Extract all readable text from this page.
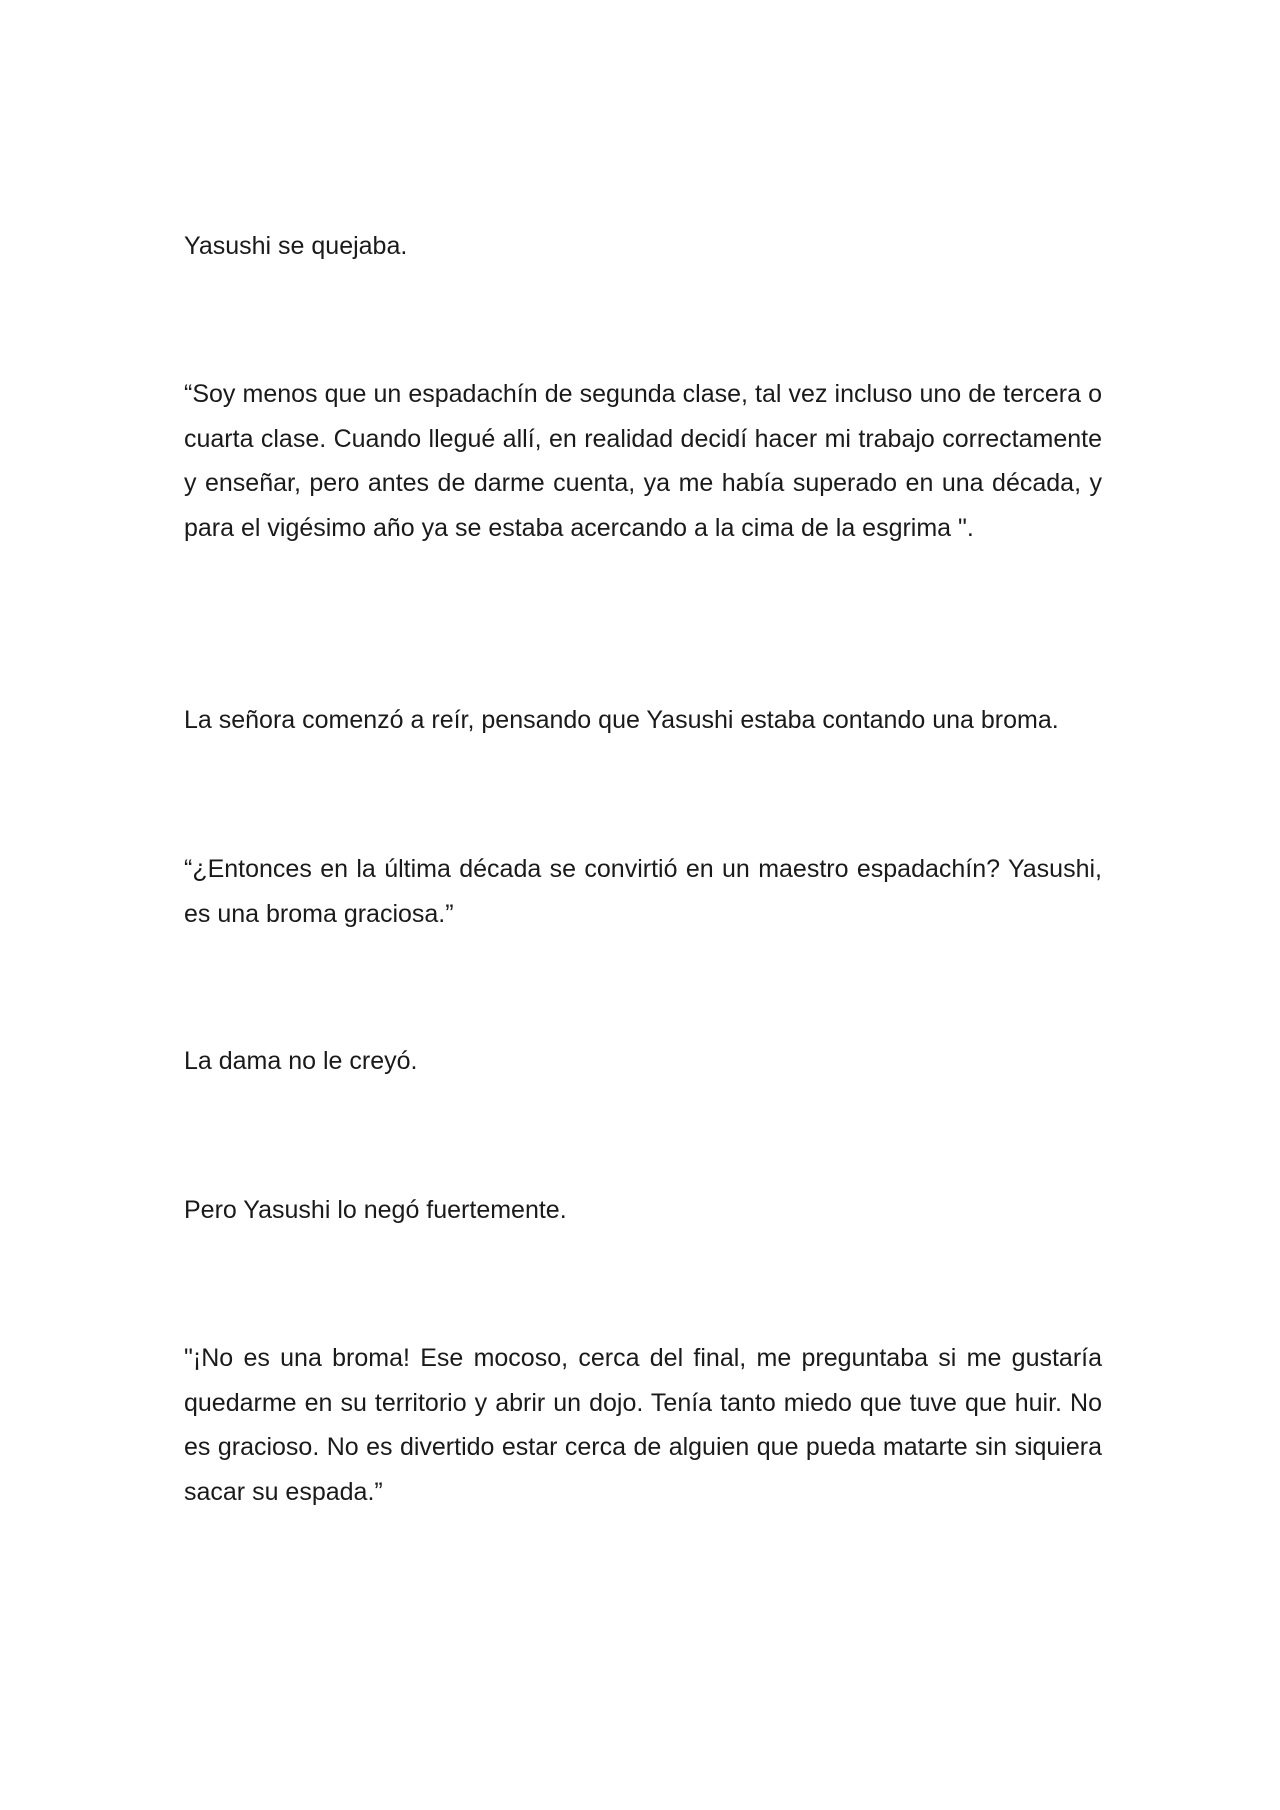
Yasushi se quejaba.

“Soy menos que un espadachín de segunda clase, tal vez incluso uno de tercera o cuarta clase. Cuando llegué allí, en realidad decidí hacer mi trabajo correctamente y enseñar, pero antes de darme cuenta, ya me había superado en una década, y para el vigésimo año ya se estaba acercando a la cima de la esgrima ".

La señora comenzó a reír, pensando que Yasushi estaba contando una broma.

“¿Entonces en la última década se convirtió en un maestro espadachín? Yasushi, es una broma graciosa.”

La dama no le creyó.

Pero Yasushi lo negó fuertemente.

"¡No es una broma! Ese mocoso, cerca del final, me preguntaba si me gustaría quedarme en su territorio y abrir un dojo. Tenía tanto miedo que tuve que huir. No es gracioso. No es divertido estar cerca de alguien que pueda matarte sin siquiera sacar su espada.”
